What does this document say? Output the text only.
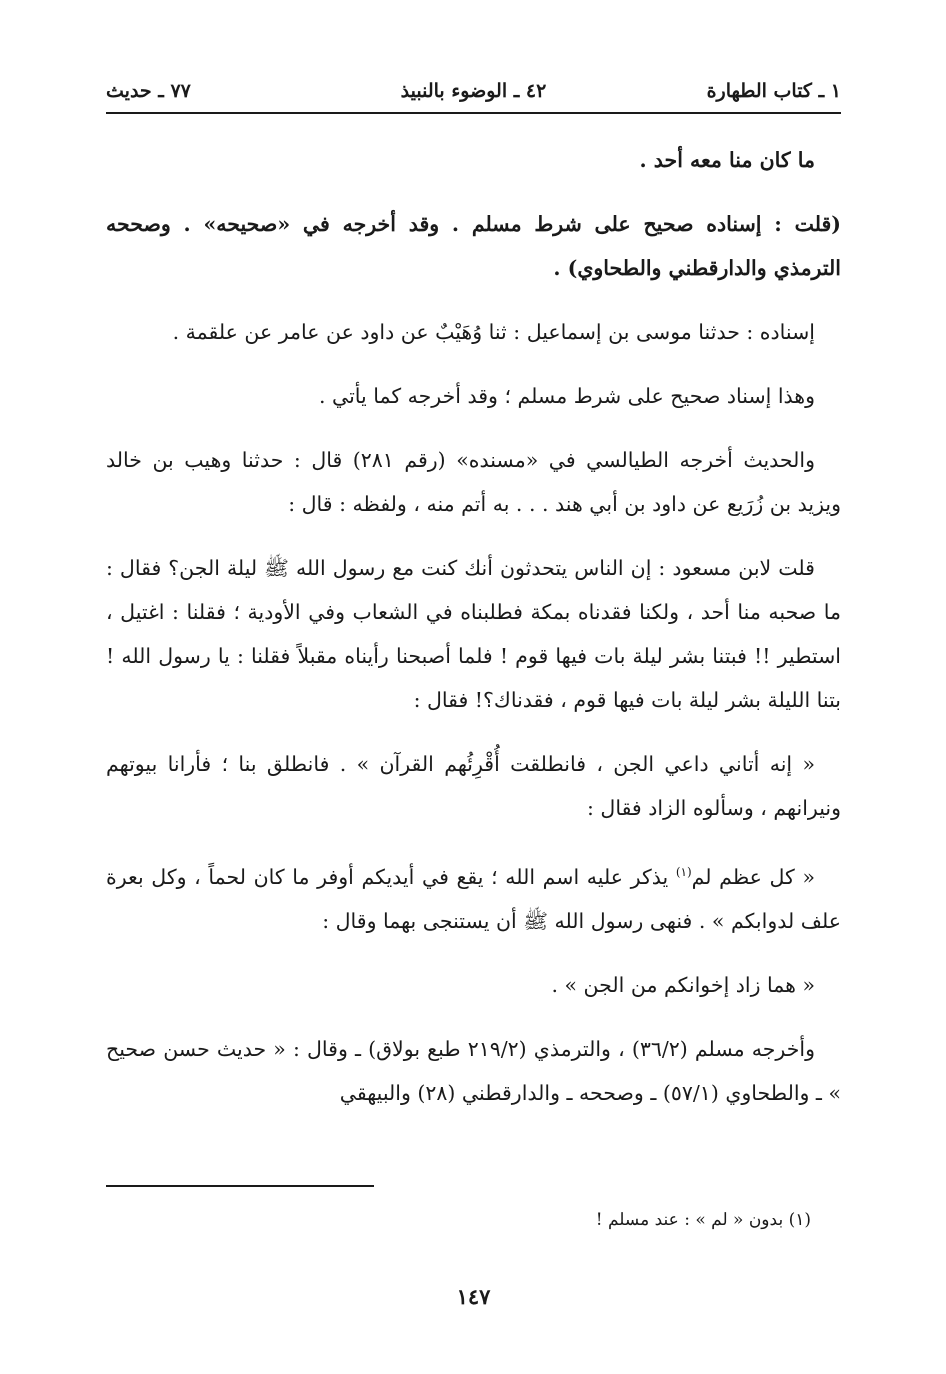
١ ـ كتاب الطهارة
٤٢ ـ الوضوء بالنبيذ
٧٧ ـ حديث

ما كان منا معه أحد .

(قلت : إسناده صحيح على شرط مسلم . وقد أخرجه في «صحيحه» . وصححه الترمذي والدارقطني والطحاوي) .

إسناده : حدثنا موسى بن إسماعيل : ثنا وُهَيْبٌ عن داود عن عامر عن علقمة .

وهذا إسناد صحيح على شرط مسلم ؛ وقد أخرجه كما يأتي .

والحديث أخرجه الطيالسي في «مسنده» (رقم ٢٨١) قال : حدثنا وهيب بن خالد ويزيد بن زُرَيع عن داود بن أبي هند . . . به أتم منه ، ولفظه : قال :

قلت لابن مسعود : إن الناس يتحدثون أنك كنت مع رسول الله ﷺ ليلة الجن؟ فقال : ما صحبه منا أحد ، ولكنا فقدناه بمكة فطلبناه في الشعاب وفي الأودية ؛ فقلنا : اغتيل ، استطير !! فبتنا بشر ليلة بات فيها قوم ! فلما أصبحنا رأيناه مقبلاً فقلنا : يا رسول الله ! بتنا الليلة بشر ليلة بات فيها قوم ، فقدناك؟! فقال :

« إنه أتاني داعي الجن ، فانطلقت أُقْرِئُهم القرآن » . فانطلق بنا ؛ فأرانا بيوتهم ونيرانهم ، وسألوه الزاد فقال :

« كل عظم لم$^{(١)}$ يذكر عليه اسم الله ؛ يقع في أيديكم أوفر ما كان لحماً ، وكل بعرة علف لدوابكم » . فنهى رسول الله ﷺ أن يستنجى بهما وقال :

« هما زاد إخوانكم من الجن » .

وأخرجه مسلم (٣٦/٢) ، والترمذي (٢١٩/٢ طبع بولاق) ـ وقال : « حديث حسن صحيح » ـ والطحاوي (٥٧/١) ـ وصححه ـ والدارقطني (٢٨) والبيهقي

(١) بدون « لم » : عند مسلم !
١٤٧
